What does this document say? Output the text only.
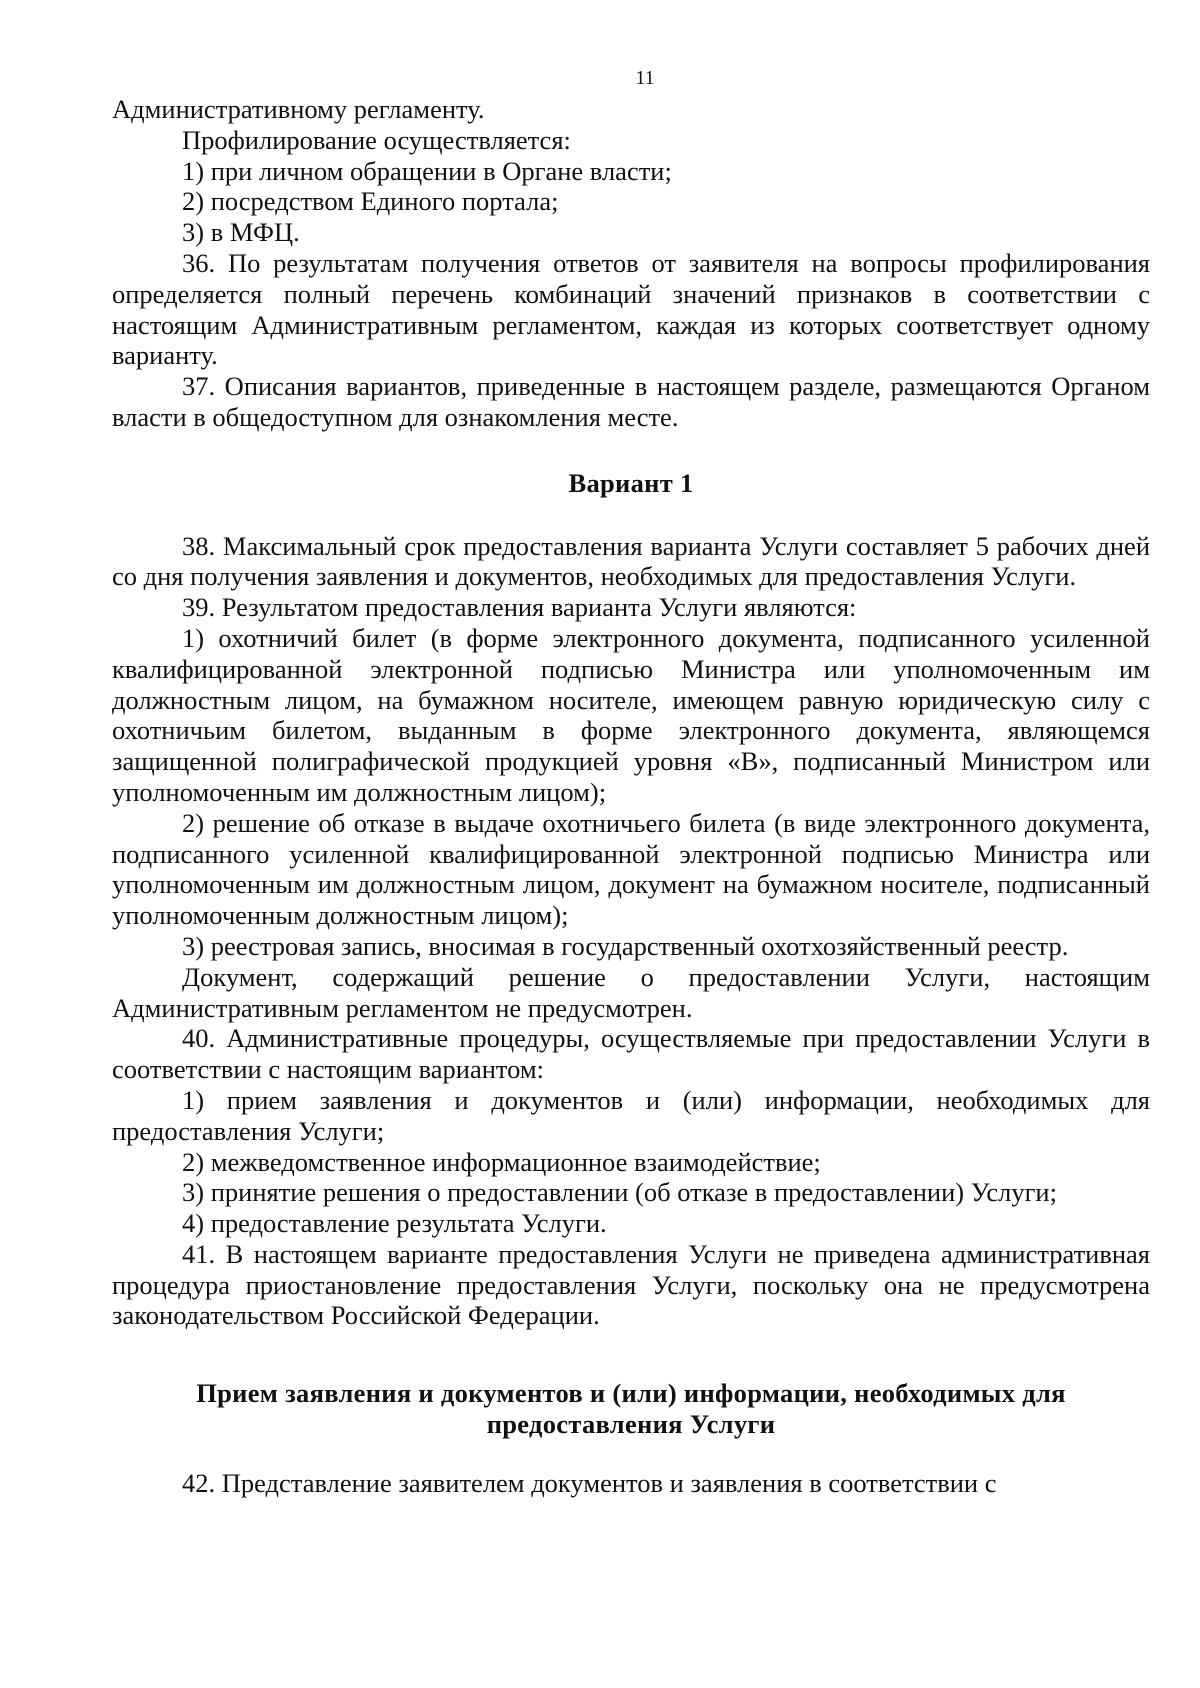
11

Административному регламенту.

Профилирование осуществляется:

1) при личном обращении в Органе власти;

2) посредством Единого портала;

3) в МФЦ.

36. По результатам получения ответов от заявителя на вопросы профилирования определяется полный перечень комбинаций значений признаков в соответствии с настоящим Административным регламентом, каждая из которых соответствует одному варианту.

37. Описания вариантов, приведенные в настоящем разделе, размещаются Органом власти в общедоступном для ознакомления месте.

Вариант 1

38. Максимальный срок предоставления варианта Услуги составляет 5 рабочих дней со дня получения заявления и документов, необходимых для предоставления Услуги.

39. Результатом предоставления варианта Услуги являются:

1) охотничий билет (в форме электронного документа, подписанного усиленной квалифицированной электронной подписью Министра или уполномоченным им должностным лицом, на бумажном носителе, имеющем равную юридическую силу с охотничьим билетом, выданным в форме электронного документа, являющемся защищенной полиграфической продукцией уровня «В», подписанный Министром или уполномоченным им должностным лицом);

2) решение об отказе в выдаче охотничьего билета (в виде электронного документа, подписанного усиленной квалифицированной электронной подписью Министра или уполномоченным им должностным лицом, документ на бумажном носителе, подписанный уполномоченным должностным лицом);

3) реестровая запись, вносимая в государственный охотхозяйственный реестр.

Документ, содержащий решение о предоставлении Услуги, настоящим Административным регламентом не предусмотрен.

40. Административные процедуры, осуществляемые при предоставлении Услуги в соответствии с настоящим вариантом:

1) прием заявления и документов и (или) информации, необходимых для предоставления Услуги;

2) межведомственное информационное взаимодействие;

3) принятие решения о предоставлении (об отказе в предоставлении) Услуги;

4) предоставление результата Услуги.

41. В настоящем варианте предоставления Услуги не приведена административная процедура приостановление предоставления Услуги, поскольку она не предусмотрена законодательством Российской Федерации.

Прием заявления и документов и (или) информации, необходимых для предоставления Услуги

42. Представление заявителем документов и заявления в соответствии с
